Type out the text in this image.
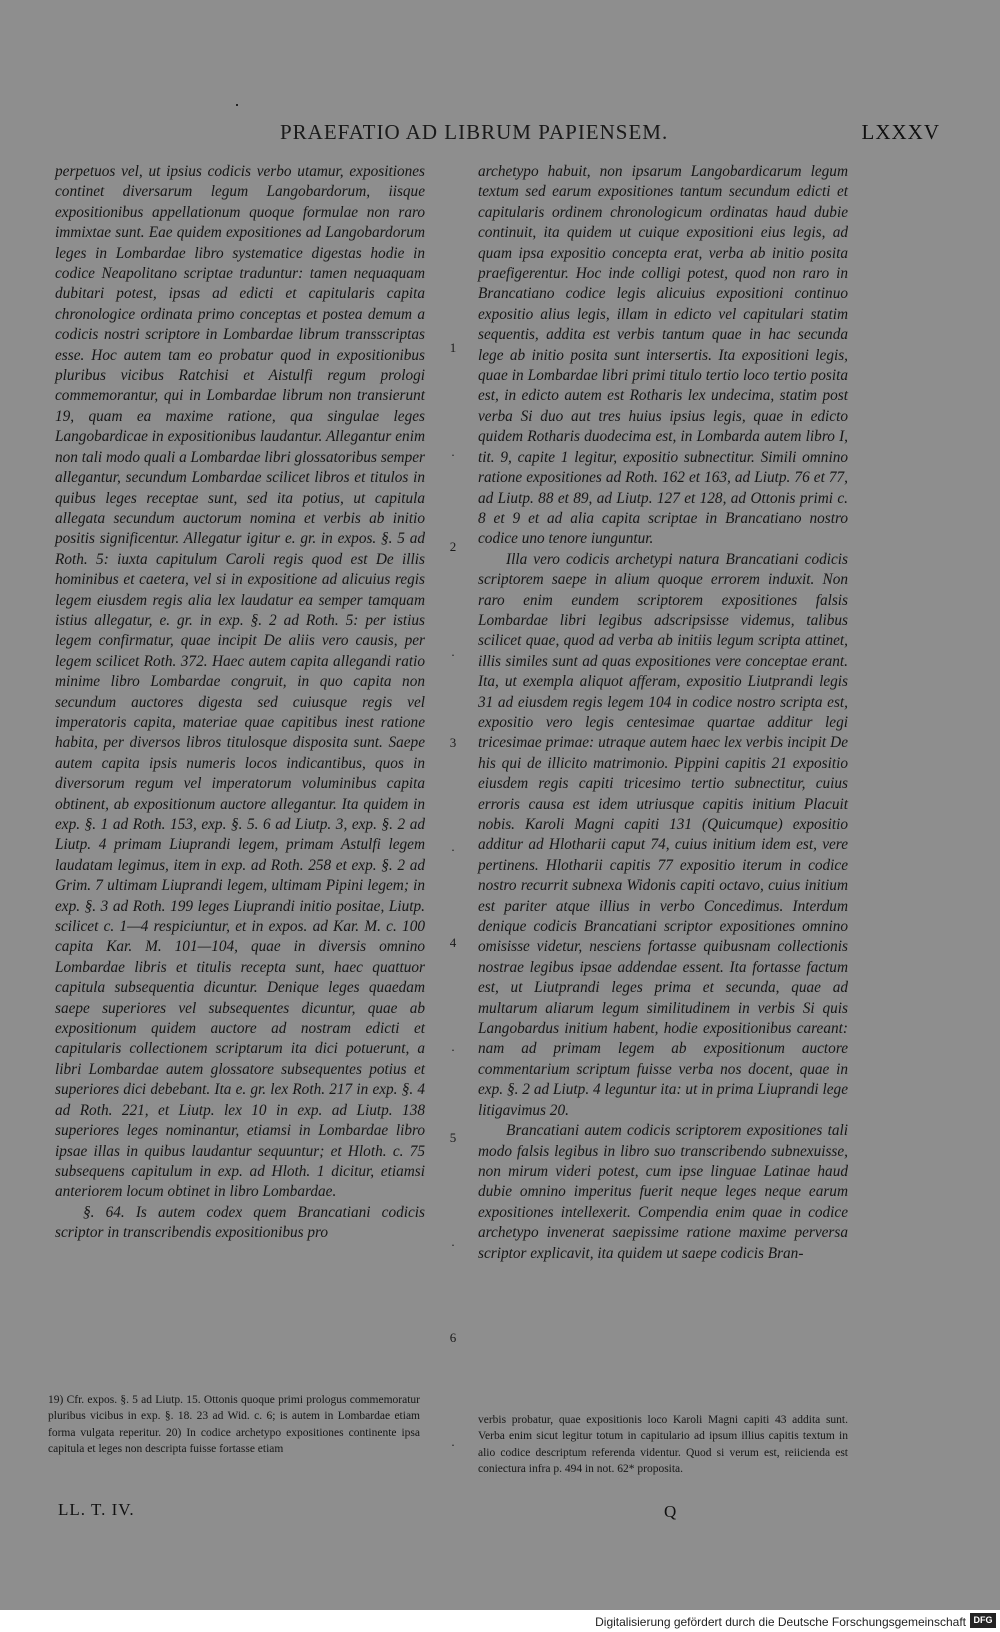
PRAEFATIO AD LIBRUM PAPIENSEM.	LXXXV

perpetuos vel, ut ipsius codicis verbo utamur, expositiones continet diversarum legum Langobardorum, iisque expositionibus appellationum quoque formulae non raro immixtae sunt. Eae quidem expositiones ad Langobardorum leges in Lombardae libro systematice digestas hodie in codice Neapolitano scriptae traduntur: tamen nequaquam dubitari potest, ipsas ad edicti et capitularis capita chronologice ordinata primo conceptas et postea demum a codicis nostri scriptore in Lombardae librum transscriptas esse. Hoc autem tam eo probatur quod in expositionibus pluribus vicibus Ratchisi et Aistulfi regum prologi commemorantur, qui in Lombardae librum non transierunt 19, quam ea maxime ratione, qua singulae leges Langobardicae in expositionibus laudantur. Allegantur enim non tali modo quali a Lombardae libri glossatoribus semper allegantur, secundum Lombardae scilicet libros et titulos in quibus leges receptae sunt, sed ita potius, ut capitula allegata secundum auctorum nomina et verbis ab initio positis significentur. Allegatur igitur e. gr. in expos. §. 5 ad Roth. 5: iuxta capitulum Caroli regis quod est De illis hominibus et caetera, vel si in expositione ad alicuius regis legem eiusdem regis alia lex laudatur ea semper tamquam istius allegatur, e. gr. in exp. §. 2 ad Roth. 5: per istius legem confirmatur, quae incipit De aliis vero causis, per legem scilicet Roth. 372. Haec autem capita allegandi ratio minime libro Lombardae congruit, in quo capita non secundum auctores digesta sed cuiusque regis vel imperatoris capita, materiae quae capitibus inest ratione habita, per diversos libros titulosque disposita sunt. Saepe autem capita ipsis numeris locos indicantibus, quos in diversorum regum vel imperatorum voluminibus capita obtinent, ab expositionum auctore allegantur. Ita quidem in exp. §. 1 ad Roth. 153, exp. §. 5. 6 ad Liutp. 3, exp. §. 2 ad Liutp. 4 primam Liuprandi legem, primam Astulfi legem laudatam legimus, item in exp. ad Roth. 258 et exp. §. 2 ad Grim. 7 ultimam Liuprandi legem, ultimam Pipini legem; in exp. §. 3 ad Roth. 199 leges Liuprandi initio positae, Liutp. scilicet c. 1—4 respiciuntur, et in expos. ad Kar. M. c. 100 capita Kar. M. 101—104, quae in diversis omnino Lombardae libris et titulis recepta sunt, haec quattuor capitula subsequentia dicuntur. Denique leges quaedam saepe superiores vel subsequentes dicuntur, quae ab expositionum quidem auctore ad nostram edicti et capitularis collectionem scriptarum ita dici potuerunt, a libri Lombardae autem glossatore subsequentes potius et superiores dici debebant. Ita e. gr. lex Roth. 217 in exp. §. 4 ad Roth. 221, et Liutp. lex 10 in exp. ad Liutp. 138 superiores leges nominantur, etiamsi in Lombardae libro ipsae illas in quibus laudantur sequuntur; et Hloth. c. 75 subsequens capitulum in exp. ad Hloth. 1 dicitur, etiamsi anteriorem locum obtinet in libro Lombardae.

§. 64. Is autem codex quem Brancatiani codicis scriptor in transcribendis expositionibus pro

1
.
2
.
3
.
4
.
5
.
6
.

archetypo habuit, non ipsarum Langobardicarum legum textum sed earum expositiones tantum secundum edicti et capitularis ordinem chronologicum ordinatas haud dubie continuit, ita quidem ut cuique expositioni eius legis, ad quam ipsa expositio concepta erat, verba ab initio posita praefigerentur. Hoc inde colligi potest, quod non raro in Brancatiano codice legis alicuius expositioni continuo expositio alius legis, illam in edicto vel capitulari statim sequentis, addita est verbis tantum quae in hac secunda lege ab initio posita sunt intersertis. Ita expositioni legis, quae in Lombardae libri primi titulo tertio loco tertio posita est, in edicto autem est Rotharis lex undecima, statim post verba Si duo aut tres huius ipsius legis, quae in edicto quidem Rotharis duodecima est, in Lombarda autem libro I, tit. 9, capite 1 legitur, expositio subnectitur. Simili omnino ratione expositiones ad Roth. 162 et 163, ad Liutp. 76 et 77, ad Liutp. 88 et 89, ad Liutp. 127 et 128, ad Ottonis primi c. 8 et 9 et ad alia capita scriptae in Brancatiano nostro codice uno tenore iunguntur.

Illa vero codicis archetypi natura Brancatiani codicis scriptorem saepe in alium quoque errorem induxit. Non raro enim eundem scriptorem expositiones falsis Lombardae libri legibus adscripsisse videmus, talibus scilicet quae, quod ad verba ab initiis legum scripta attinet, illis similes sunt ad quas expositiones vere conceptae erant. Ita, ut exempla aliquot afferam, expositio Liutprandi legis 31 ad eiusdem regis legem 104 in codice nostro scripta est, expositio vero legis centesimae quartae additur legi tricesimae primae: utraque autem haec lex verbis incipit De his qui de illicito matrimonio. Pippini capitis 21 expositio eiusdem regis capiti tricesimo tertio subnectitur, cuius erroris causa est idem utriusque capitis initium Placuit nobis. Karoli Magni capiti 131 (Quicumque) expositio additur ad Hlotharii caput 74, cuius initium idem est, vere pertinens. Hlotharii capitis 77 expositio iterum in codice nostro recurrit subnexa Widonis capiti octavo, cuius initium est pariter atque illius in verbo Concedimus. Interdum denique codicis Brancatiani scriptor expositiones omnino omisisse videtur, nesciens fortasse quibusnam collectionis nostrae legibus ipsae addendae essent. Ita fortasse factum est, ut Liutprandi leges prima et secunda, quae ad multarum aliarum legum similitudinem in verbis Si quis Langobardus initium habent, hodie expositionibus careant: nam ad primam legem ab expositionum auctore commentarium scriptum fuisse verba nos docent, quae in exp. §. 2 ad Liutp. 4 leguntur ita: ut in prima Liuprandi lege litigavimus 20.

Brancatiani autem codicis scriptorem expositiones tali modo falsis legibus in libro suo transcribendo subnexuisse, non mirum videri potest, cum ipse linguae Latinae haud dubie omnino imperitus fuerit neque leges neque earum expositiones intellexerit. Compendia enim quae in codice archetypo invenerat saepissime ratione maxime perversa scriptor explicavit, ita quidem ut saepe codicis Bran-

19) Cfr. expos. §. 5 ad Liutp. 15. Ottonis quoque primi prologus commemoratur pluribus vicibus in exp. §. 18. 23 ad Wid. c. 6; is autem in Lombardae etiam forma vulgata reperitur. 20) In codice archetypo expositiones continente ipsa capitula et leges non descripta fuisse fortasse etiam
verbis probatur, quae expositionis loco Karoli Magni capiti 43 addita sunt. Verba enim sicut legitur totum in capitulario ad ipsum illius capitis textum in alio codice descriptum referenda videntur. Quod si verum est, reiicienda est coniectura infra p. 494 in not. 62* proposita.
LL. T. IV.	Q
Digitalisierung gefördert durch die Deutsche Forschungsgemeinschaft DFG
